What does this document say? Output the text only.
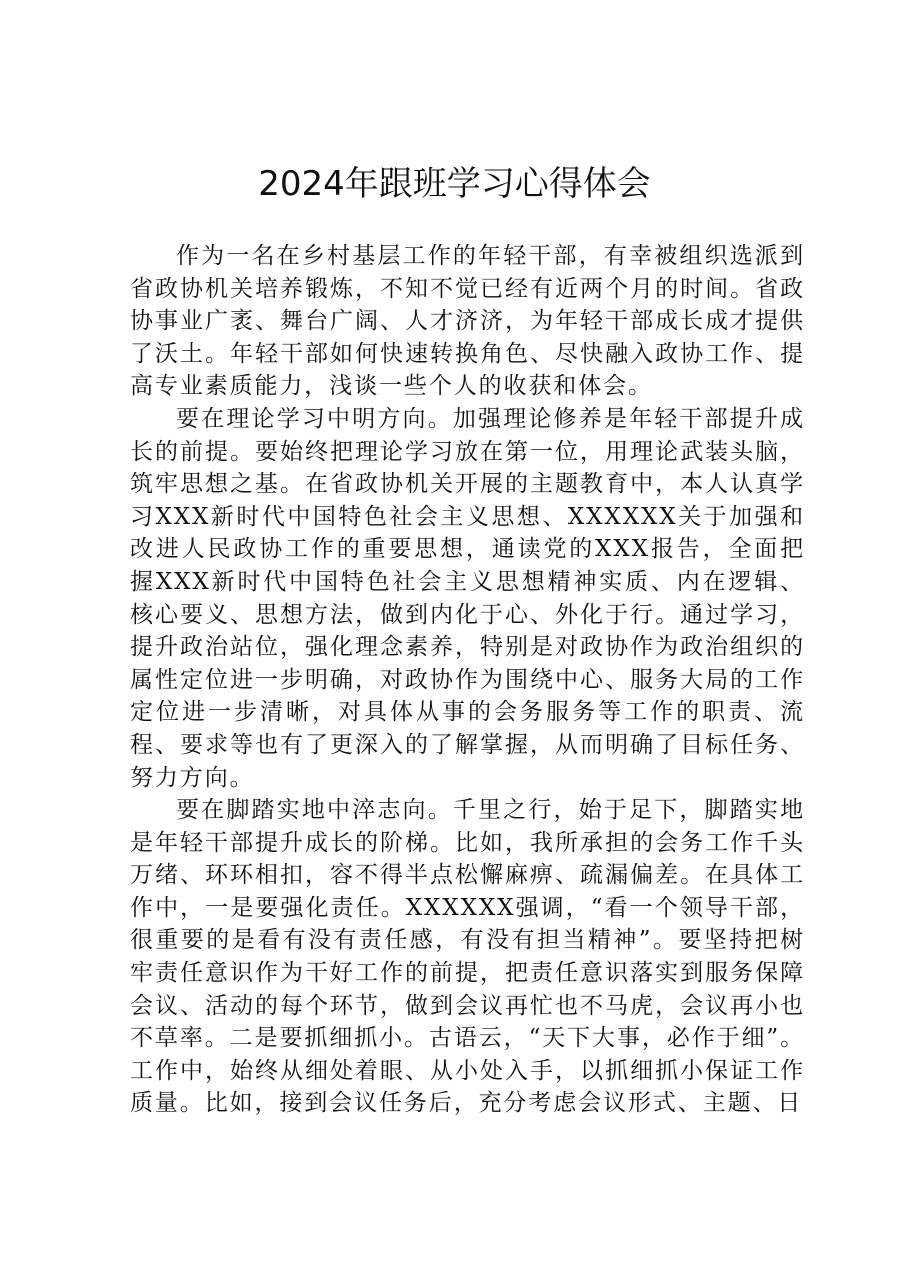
2024年跟班学习心得体会

作为一名在乡村基层工作的年轻干部，有幸被组织选派到省政协机关培养锻炼，不知不觉已经有近两个月的时间。省政协事业广袤、舞台广阔、人才济济，为年轻干部成长成才提供了沃土。年轻干部如何快速转换角色、尽快融入政协工作、提高专业素质能力，浅谈一些个人的收获和体会。

要在理论学习中明方向。加强理论修养是年轻干部提升成长的前提。要始终把理论学习放在第一位，用理论武装头脑，筑牢思想之基。在省政协机关开展的主题教育中，本人认真学习XXX新时代中国特色社会主义思想、XXXXXX关于加强和改进人民政协工作的重要思想，通读党的XXX报告，全面把握XXX新时代中国特色社会主义思想精神实质、内在逻辑、核心要义、思想方法，做到内化于心、外化于行。通过学习，提升政治站位，强化理念素养，特别是对政协作为政治组织的属性定位进一步明确，对政协作为围绕中心、服务大局的工作定位进一步清晰，对具体从事的会务服务等工作的职责、流程、要求等也有了更深入的了解掌握，从而明确了目标任务、努力方向。

要在脚踏实地中淬志向。千里之行，始于足下，脚踏实地是年轻干部提升成长的阶梯。比如，我所承担的会务工作千头万绪、环环相扣，容不得半点松懈麻痹、疏漏偏差。在具体工作中，一是要强化责任。XXXXXX强调，“看一个领导干部，很重要的是看有没有责任感，有没有担当精神”。要坚持把树牢责任意识作为干好工作的前提，把责任意识落实到服务保障会议、活动的每个环节，做到会议再忙也不马虎，会议再小也不草率。二是要抓细抓小。古语云，“天下大事，必作于细”。工作中，始终从细处着眼、从小处入手，以抓细抓小保证工作质量。比如，接到会议任务后，充分考虑会议形式、主题、日
